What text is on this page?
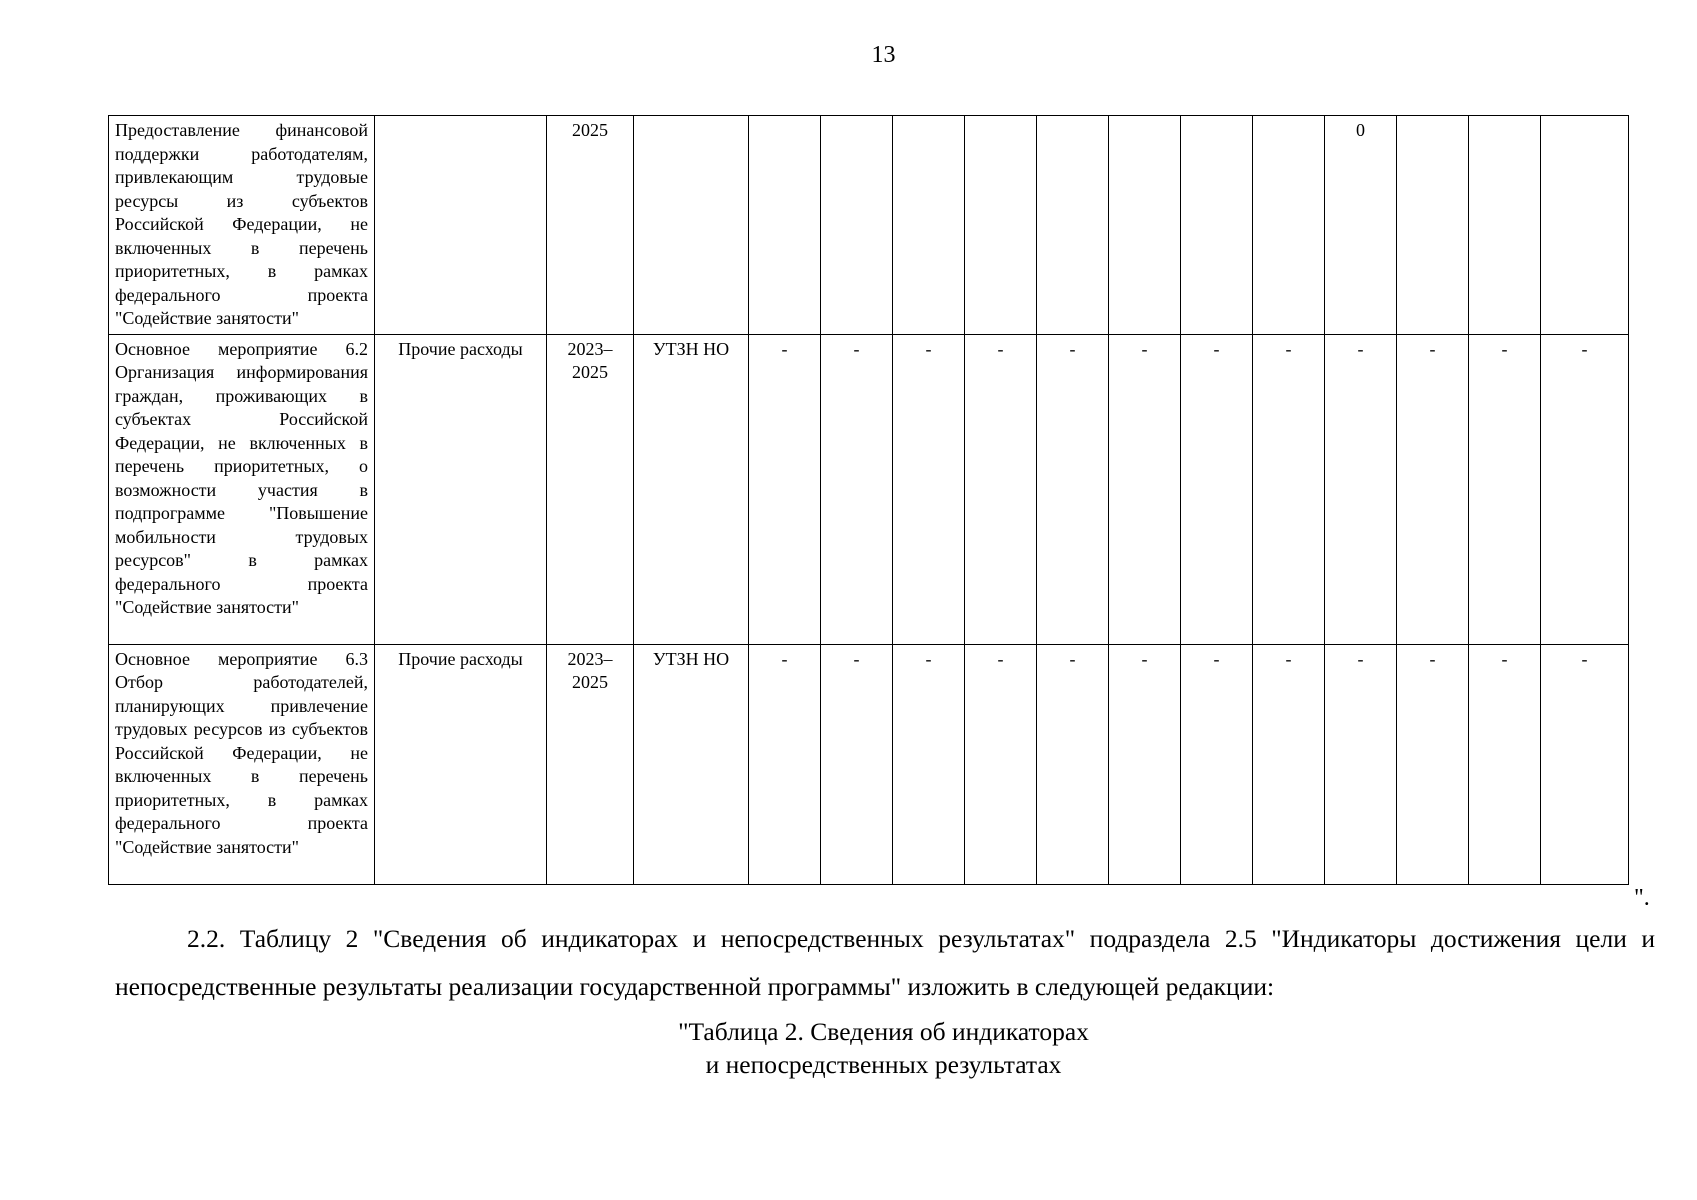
13
Предоставление финансовой поддержки работодателям, привлекающим трудовые ресурсы из субъектов Российской Федерации, не включенных в перечень приоритетных, в рамках федерального проекта "Содействие занятости"		2025										0			
Основное мероприятие 6.2 Организация информирования граждан, проживающих в субъектах Российской Федерации, не включенных в перечень приоритетных, о возможности участия в подпрограмме "Повышение мобильности трудовых ресурсов" в рамках федерального проекта "Содействие занятости"	Прочие расходы	2023–2025	УТЗН НО	-	-	-	-	-	-	-	-	-	-	-	-
Основное мероприятие 6.3 Отбор работодателей, планирующих привлечение трудовых ресурсов из субъектов Российской Федерации, не включенных в перечень приоритетных, в рамках федерального проекта "Содействие занятости"	Прочие расходы	2023–2025	УТЗН НО	-	-	-	-	-	-	-	-	-	-	-	-
".
2.2. Таблицу 2 "Сведения об индикаторах и непосредственных результатах" подраздела 2.5 "Индикаторы достижения цели и непосредственные результаты реализации государственной программы" изложить в следующей редакции:
"Таблица 2. Сведения об индикаторах
и непосредственных результатах
